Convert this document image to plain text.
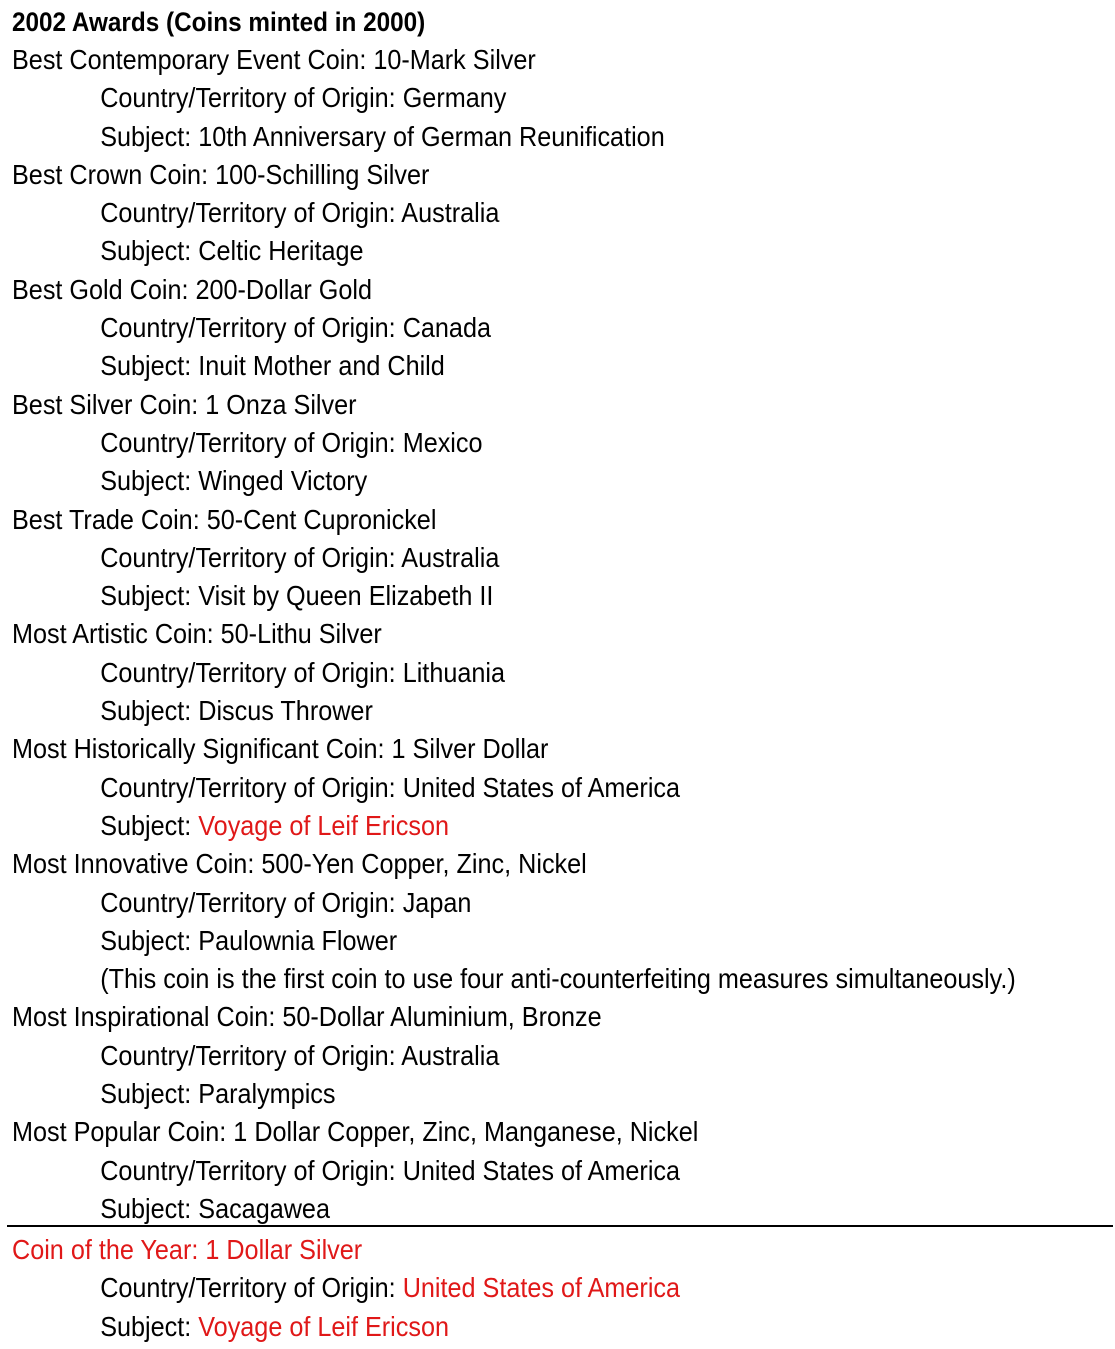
2002 Awards (Coins minted in 2000)
Best Contemporary Event Coin: 10-Mark Silver
Country/Territory of Origin: Germany
Subject: 10th Anniversary of German Reunification
Best Crown Coin: 100-Schilling Silver
Country/Territory of Origin: Australia
Subject: Celtic Heritage
Best Gold Coin: 200-Dollar Gold
Country/Territory of Origin: Canada
Subject: Inuit Mother and Child
Best Silver Coin: 1 Onza Silver
Country/Territory of Origin: Mexico
Subject: Winged Victory
Best Trade Coin: 50-Cent Cupronickel
Country/Territory of Origin: Australia
Subject: Visit by Queen Elizabeth II
Most Artistic Coin: 50-Lithu Silver
Country/Territory of Origin: Lithuania
Subject: Discus Thrower
Most Historically Significant Coin: 1 Silver Dollar
Country/Territory of Origin: United States of America
Subject: Voyage of Leif Ericson
Most Innovative Coin: 500-Yen Copper, Zinc, Nickel
Country/Territory of Origin: Japan
Subject: Paulownia Flower
(This coin is the first coin to use four anti-counterfeiting measures simultaneously.)
Most Inspirational Coin: 50-Dollar Aluminium, Bronze
Country/Territory of Origin: Australia
Subject: Paralympics
Most Popular Coin: 1 Dollar Copper, Zinc, Manganese, Nickel
Country/Territory of Origin: United States of America
Subject: Sacagawea
Coin of the Year: 1 Dollar Silver
Country/Territory of Origin: United States of America
Subject: Voyage of Leif Ericson
